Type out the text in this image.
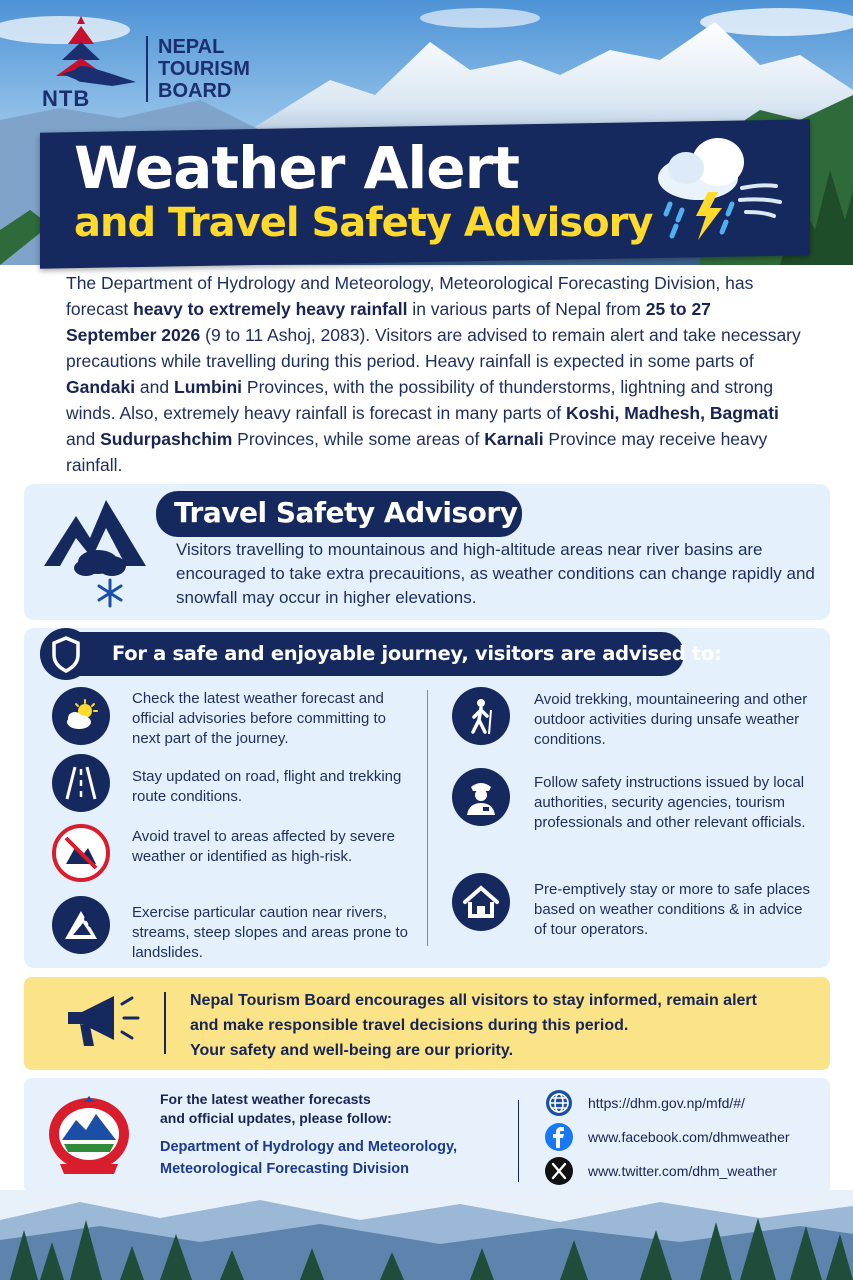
NTB
NEPAL
TOURISM
BOARD
Weather Alert
and Travel Safety Advisory
The Department of Hydrology and Meteorology, Meteorological Forecasting Division, has forecast heavy to extremely heavy rainfall in various parts of Nepal from 25 to 27 September 2026 (9 to 11 Ashoj, 2083). Visitors are advised to remain alert and take necessary precautions while travelling during this period. Heavy rainfall is expected in some parts of Gandaki and Lumbini Provinces, with the possibility of thunderstorms, lightning and strong winds. Also, extremely heavy rainfall is forecast in many parts of Koshi, Madhesh, Bagmati and Sudurpashchim Provinces, while some areas of Karnali Province may receive heavy rainfall.
Travel Safety Advisory
Visitors travelling to mountainous and high-altitude areas near river basins are encouraged to take extra precauitions, as weather conditions can change rapidly and snowfall may occur in higher elevations.
For a safe and enjoyable journey, visitors are advised to:
Check the latest weather forecast and official advisories before committing to next part of the journey.
Stay updated on road, flight and trekking route conditions.
Avoid travel to areas affected by severe weather or identified as high-risk.
Exercise particular caution near rivers, streams, steep slopes and areas prone to landslides.
Avoid trekking, mountaineering and other outdoor activities during unsafe weather conditions.
Follow safety instructions issued by local authorities, security agencies, tourism professionals and other relevant officials.
Pre-emptively stay or more to safe places based on weather conditions & in advice of tour operators.
Nepal Tourism Board encourages all visitors to stay informed, remain alert
and make responsible travel decisions during this period.
Your safety and well-being are our priority.
For the latest weather forecasts
and official updates, please follow:
Department of Hydrology and Meteorology,
Meteorological Forecasting Division
https://dhm.gov.np/mfd/#/
www.facebook.com/dhmweather
www.twitter.com/dhm_weather
